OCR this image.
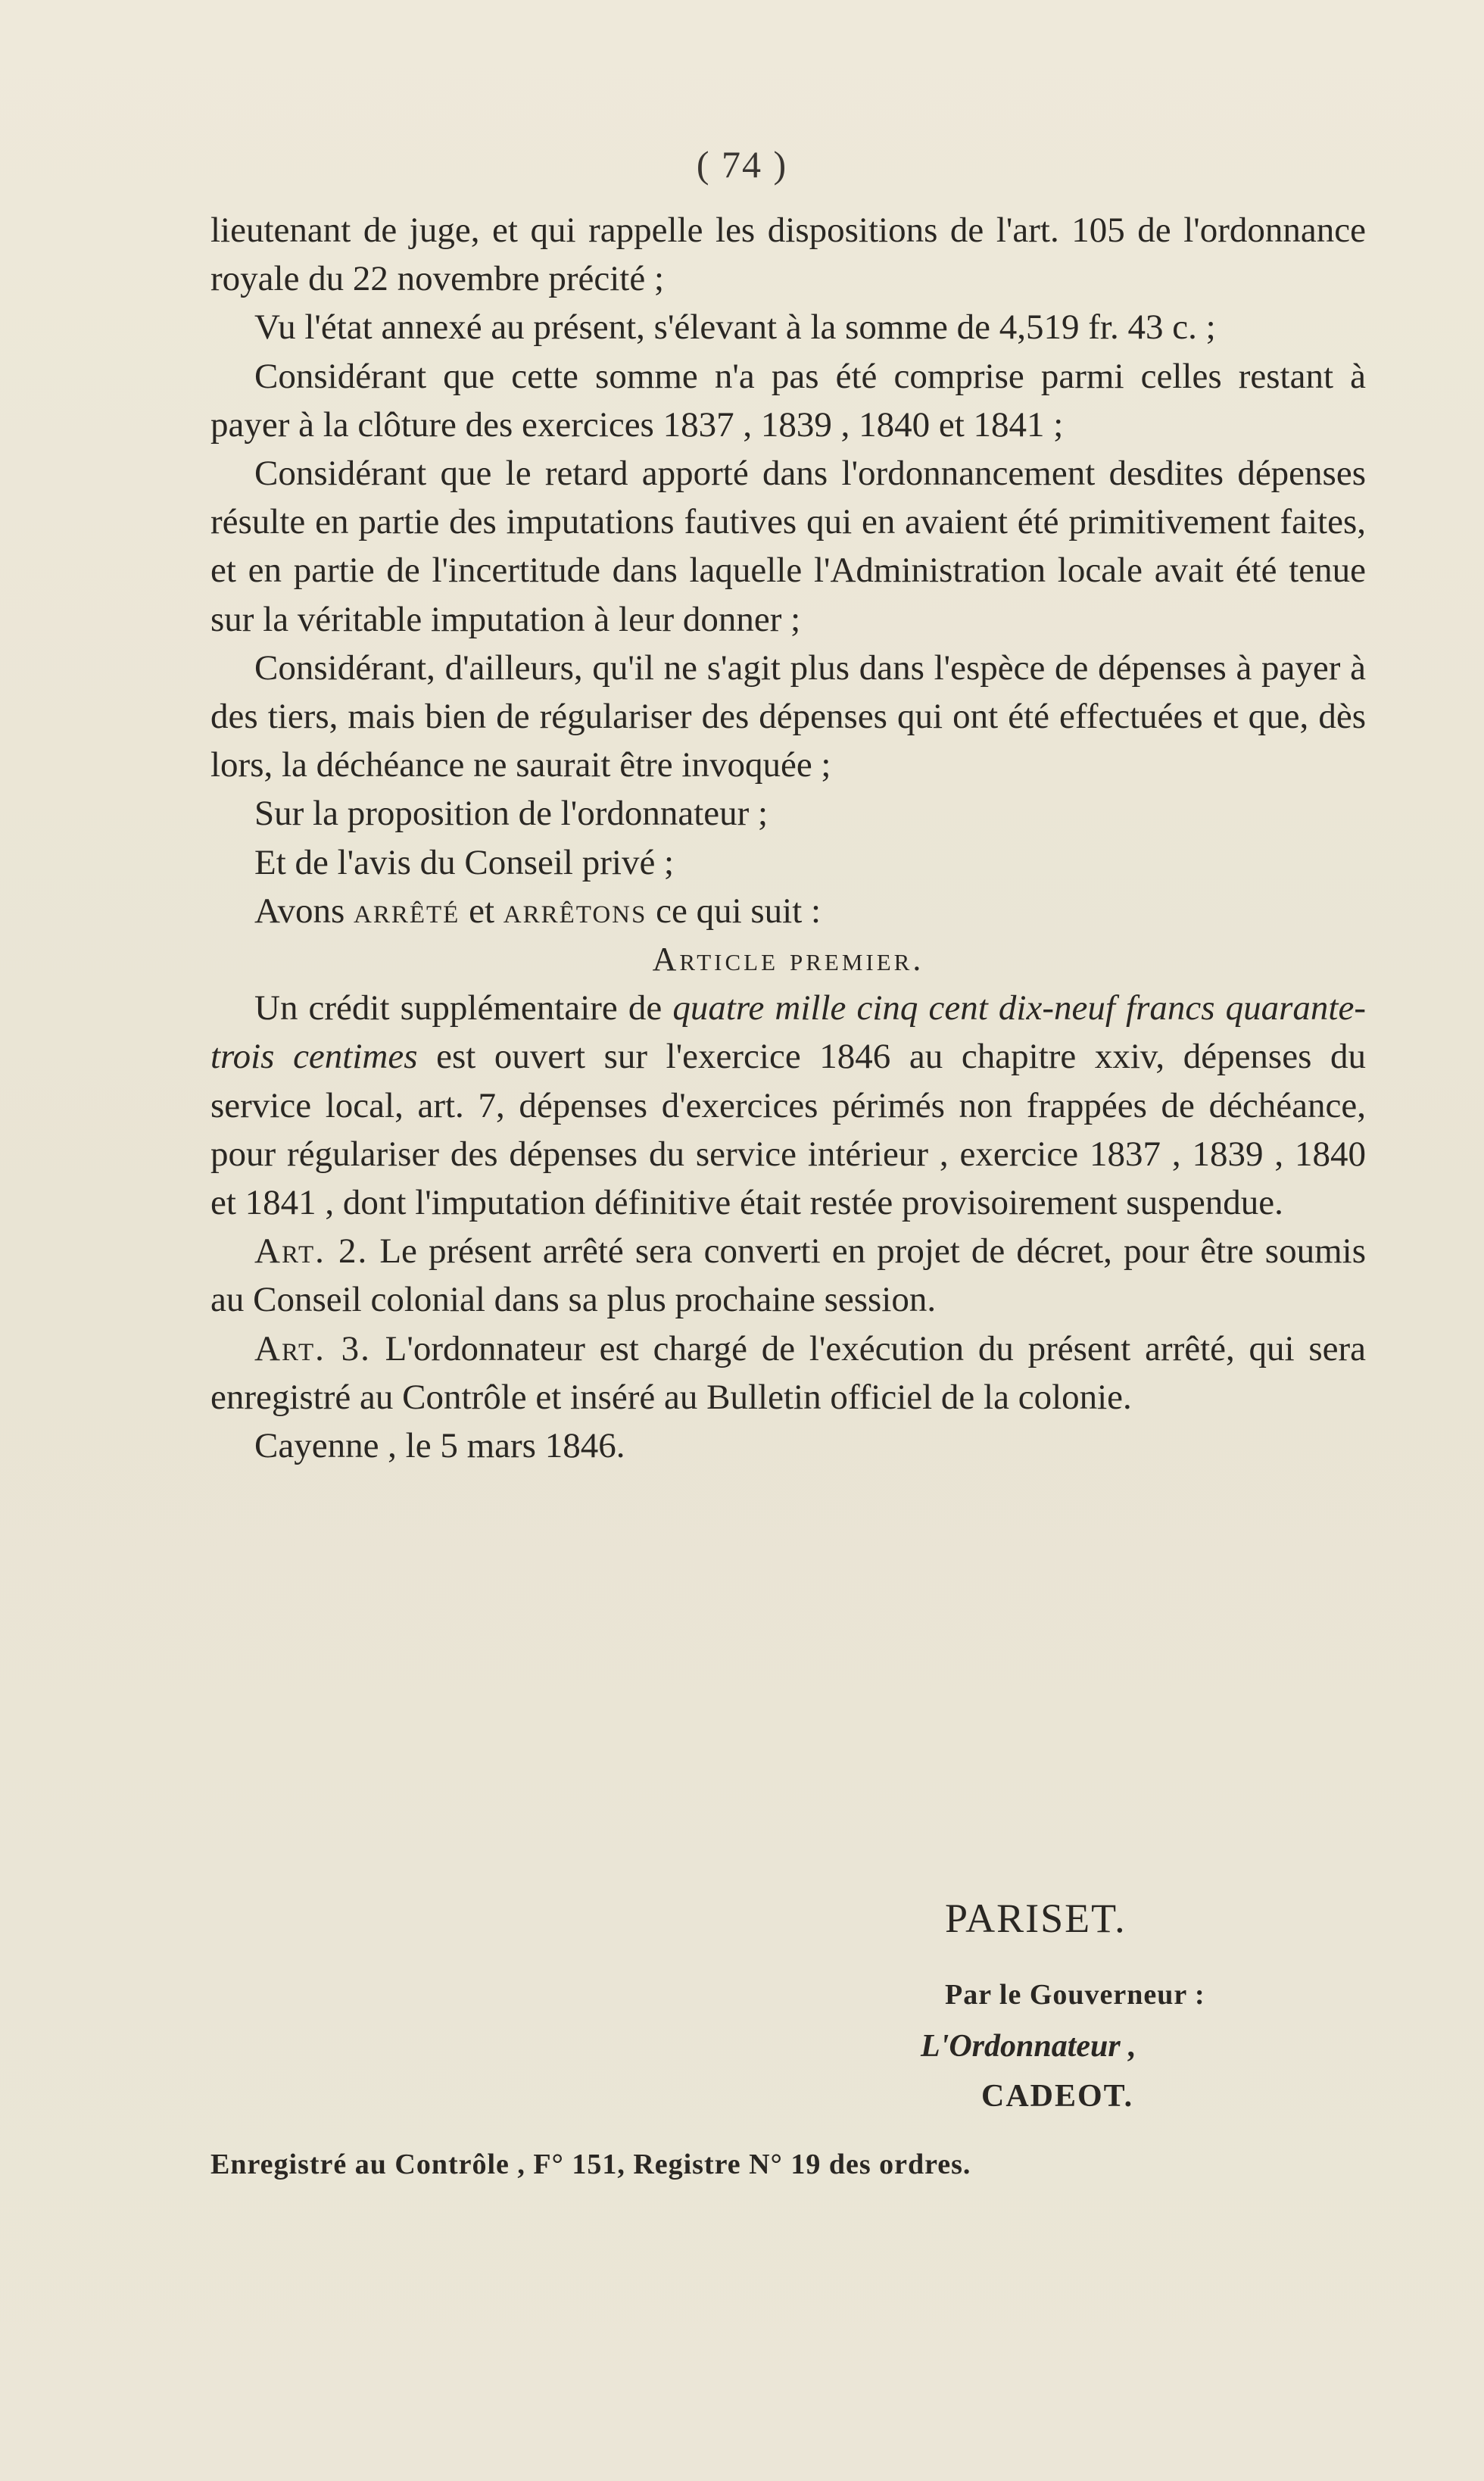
( 74 )

lieutenant de juge, et qui rappelle les dispositions de l'art. 105 de l'ordonnance royale du 22 novembre précité ;

Vu l'état annexé au présent, s'élevant à la somme de 4,519 fr. 43 c. ;

Considérant que cette somme n'a pas été comprise parmi celles restant à payer à la clôture des exercices 1837 , 1839 , 1840 et 1841 ;

Considérant que le retard apporté dans l'ordonnancement desdites dépenses résulte en partie des imputations fautives qui en avaient été primitivement faites, et en partie de l'incertitude dans laquelle l'Administration locale avait été tenue sur la véritable imputation à leur donner ;

Considérant, d'ailleurs, qu'il ne s'agit plus dans l'espèce de dépenses à payer à des tiers, mais bien de régulariser des dépenses qui ont été effectuées et que, dès lors, la déchéance ne saurait être invoquée ;

Sur la proposition de l'ordonnateur ;

Et de l'avis du Conseil privé ;

Avons arrêté et arrêtons ce qui suit :

Article premier.

Un crédit supplémentaire de quatre mille cinq cent dix-neuf francs quarante-trois centimes est ouvert sur l'exercice 1846 au chapitre xxiv, dépenses du service local, art. 7, dépenses d'exercices périmés non frappées de déchéance, pour régulariser des dépenses du service intérieur , exercice 1837 , 1839 , 1840 et 1841 , dont l'imputation définitive était restée provisoirement suspendue.

Art. 2. Le présent arrêté sera converti en projet de décret, pour être soumis au Conseil colonial dans sa plus prochaine session.

Art. 3. L'ordonnateur est chargé de l'exécution du présent arrêté, qui sera enregistré au Contrôle et inséré au Bulletin officiel de la colonie.

Cayenne , le 5 mars 1846.

PARISET.
Par le Gouverneur :
L'Ordonnateur ,
CADEOT.
Enregistré au Contrôle , F° 151, Registre N° 19 des ordres.
